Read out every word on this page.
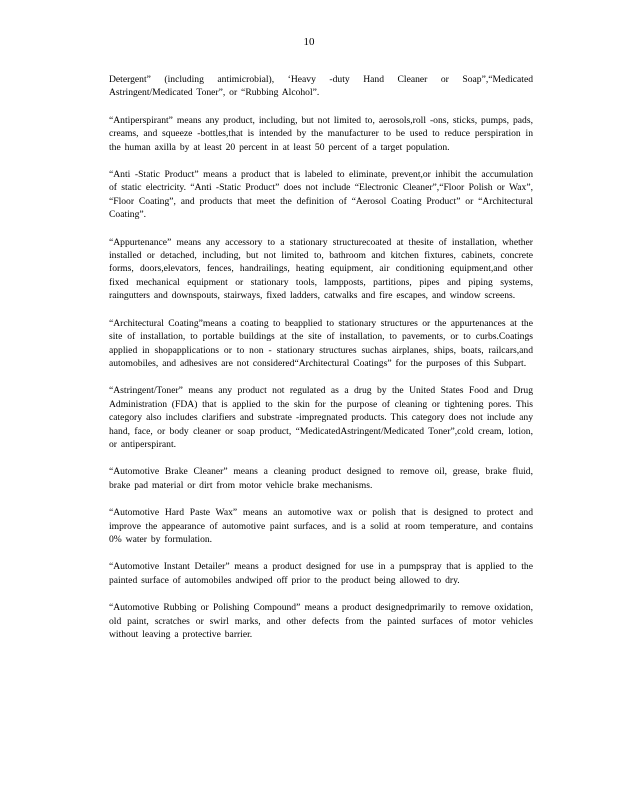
10

Detergent” (including antimicrobial), ‘Heavy -duty Hand Cleaner or Soap”,“Medicated Astringent/Medicated Toner”, or “Rubbing Alcohol”.

“Antiperspirant” means any product, including, but not limited to, aerosols,roll -ons, sticks, pumps, pads, creams, and squeeze -bottles,that is intended by the manufacturer to be used to reduce perspiration in the human axilla by at least 20 percent in at least 50 percent of a target population.

“Anti -Static Product” means a product that is labeled to eliminate, prevent,or inhibit the accumulation of static electricity. “Anti -Static Product” does not include “Electronic Cleaner”,“Floor Polish or Wax”, “Floor Coating”, and products that meet the definition of “Aerosol Coating Product” or “Architectural Coating”.

“Appurtenance” means any accessory to a stationary structurecoated at thesite of installation, whether installed or detached, including, but not limited to, bathroom and kitchen fixtures, cabinets, concrete forms, doors,elevators, fences, handrailings, heating equipment, air conditioning equipment,and other fixed mechanical equipment or stationary tools, lampposts, partitions, pipes and piping systems, raingutters and downspouts, stairways, fixed ladders, catwalks and fire escapes, and window screens.

“Architectural Coating”means a coating to beapplied to stationary structures or the appurtenances at the site of installation, to portable buildings at the site of installation, to pavements, or to curbs.Coatings applied in shopapplications or to non - stationary structures suchas airplanes, ships, boats, railcars,and automobiles, and adhesives are not considered“Architectural Coatings” for the purposes of this Subpart.

“Astringent/Toner” means any product not regulated as a drug by the United States Food and Drug Administration (FDA) that is applied to the skin for the purpose of cleaning or tightening pores. This category also includes clarifiers and substrate -impregnated products. This category does not include any hand, face, or body cleaner or soap product, “MedicatedAstringent/Medicated Toner”,cold cream, lotion, or antiperspirant.

“Automotive Brake Cleaner” means a cleaning product designed to remove oil, grease, brake fluid, brake pad material or dirt from motor vehicle brake mechanisms.

“Automotive Hard Paste Wax” means an automotive wax or polish that is designed to protect and improve the appearance of automotive paint surfaces, and is a solid at room temperature, and contains 0% water by formulation.

“Automotive Instant Detailer” means a product designed for use in a pumpspray that is applied to the painted surface of automobiles andwiped off prior to the product being allowed to dry.

“Automotive Rubbing or Polishing Compound” means a product designedprimarily to remove oxidation, old paint, scratches or swirl marks, and other defects from the painted surfaces of motor vehicles without leaving a protective barrier.
